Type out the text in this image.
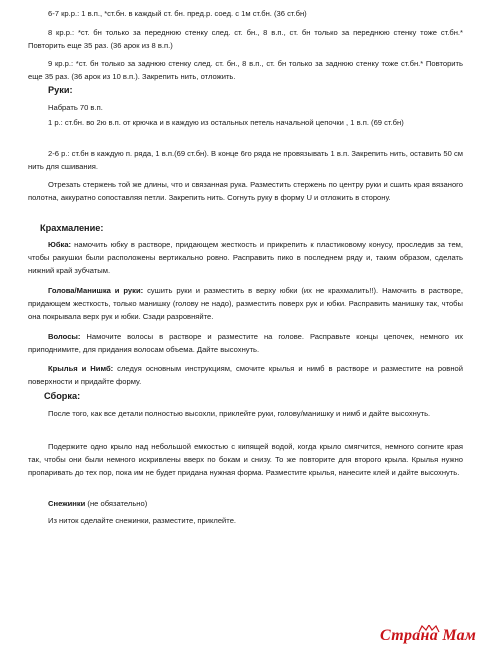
6-7 кр.р.: 1 в.п., *ст.бн. в каждый ст. бн. пред.р. соед. с 1м ст.бн. (36 ст.бн)

8 кр.р.: *ст. бн только за переднюю стенку след. ст. бн., 8 в.п., ст. бн только за переднюю стенку тоже ст.бн.* Повторить еще 35 раз. (36 арок из 8 в.п.)

9 кр.р.: *ст. бн только за заднюю стенку след. ст. бн., 8 в.п., ст. бн только за заднюю стенку тоже ст.бн.* Повторить еще 35 раз. (36 арок из 10 в.п.). Закрепить нить, отложить.

Руки:

Набрать 70 в.п.

1 р.: ст.бн. во 2ю в.п. от крючка и в каждую из остальных петель начальной цепочки , 1 в.п. (69 ст.бн)

2-6 р.: ст.бн в каждую п. ряда, 1 в.п.(69 ст.бн). В конце 6го ряда не провязывать 1 в.п. Закрепить нить, оставить 50 см нить для сшивания.

Отрезать стержень той же длины, что и связанная рука. Разместить стержень по центру руки и сшить края вязаного полотна, аккуратно сопоставляя петли. Закрепить нить. Согнуть руку в форму U и отложить в сторону.

Крахмаление:

Юбка: намочить юбку в растворе, придающем жесткость и прикрепить к пластиковому конусу, проследив за тем, чтобы ракушки были расположены вертикально ровно. Расправить пико в последнем ряду и, таким образом, сделать нижний край зубчатым.

Голова/Манишка и руки: сушить руки и разместить в верху юбки (их не крахмалить!!). Намочить в растворе, придающем жесткость, только манишку (голову не надо), разместить поверх рук и юбки. Расправить манишку так, чтобы она покрывала верх рук и юбки. Сзади разровняйте.

Волосы: Намочите волосы в растворе и разместите на голове. Расправьте концы цепочек, немного их приподнимите, для придания волосам объема. Дайте высохнуть.

Крылья и Нимб: следуя основным инструкциям, смочите крылья и нимб в растворе и разместите на ровной поверхности и придайте форму.

Сборка:

После того, как все детали полностью высохли, приклейте руки, голову/манишку и нимб и дайте высохнуть.

Подержите одно крыло над небольшой емкостью с кипящей водой, когда крыло смягчится, немного согните края так, чтобы они были немного искривлены вверх по бокам и снизу. То же повторите для второго крыла. Крылья нужно пропаривать до тех пор, пока им не будет придана нужная форма. Разместите крылья, нанесите клей и дайте высохнуть.

Снежинки (не обязательно)

Из ниток сделайте снежинки, разместите, приклейте.

Страна Мам
